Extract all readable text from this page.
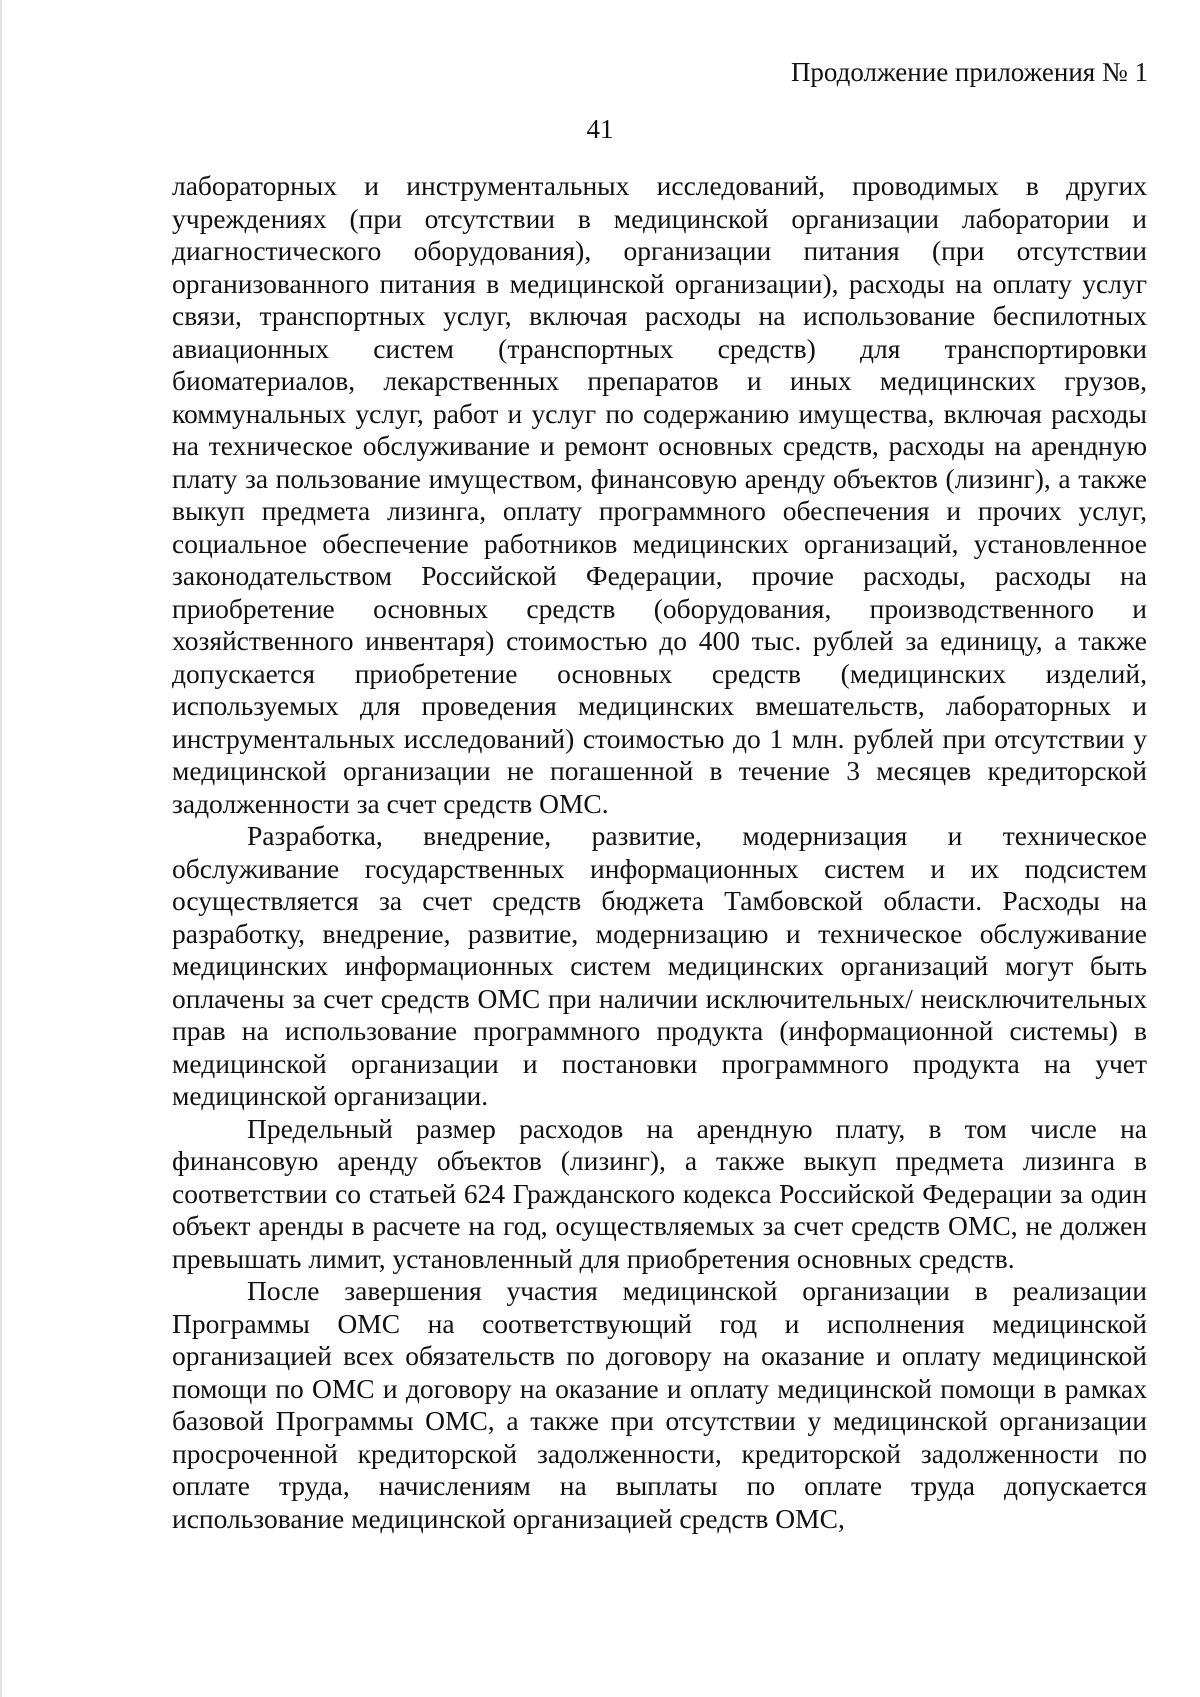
Продолжение приложения № 1
41

лабораторных и инструментальных исследований, проводимых в других учреждениях (при отсутствии в медицинской организации лаборатории и диагностического оборудования), организации питания (при отсутствии организованного питания в медицинской организации), расходы на оплату услуг связи, транспортных услуг, включая расходы на использование беспилотных авиационных систем (транспортных средств) для транспортировки биоматериалов, лекарственных препаратов и иных медицинских грузов, коммунальных услуг, работ и услуг по содержанию имущества, включая расходы на техническое обслуживание и ремонт основных средств, расходы на арендную плату за пользование имуществом, финансовую аренду объектов (лизинг), а также выкуп предмета лизинга, оплату программного обеспечения и прочих услуг, социальное обеспечение работников медицинских организаций, установленное законодательством Российской Федерации, прочие расходы, расходы на приобретение основных средств (оборудования, производственного и хозяйственного инвентаря) стоимостью до 400 тыс. рублей за единицу, а также допускается приобретение основных средств (медицинских изделий, используемых для проведения медицинских вмешательств, лабораторных и инструментальных исследований) стоимостью до 1 млн. рублей при отсутствии у медицинской организации не погашенной в течение 3 месяцев кредиторской задолженности за счет средств ОМС.

Разработка, внедрение, развитие, модернизация и техническое обслуживание государственных информационных систем и их подсистем осуществляется за счет средств бюджета Тамбовской области. Расходы на разработку, внедрение, развитие, модернизацию и техническое обслуживание медицинских информационных систем медицинских организаций могут быть оплачены за счет средств ОМС при наличии исключительных/ неисключительных прав на использование программного продукта (информационной системы) в медицинской организации и постановки программного продукта на учет медицинской организации.

Предельный размер расходов на арендную плату, в том числе на финансовую аренду объектов (лизинг), а также выкуп предмета лизинга в соответствии со статьей 624 Гражданского кодекса Российской Федерации за один объект аренды в расчете на год, осуществляемых за счет средств ОМС, не должен превышать лимит, установленный для приобретения основных средств.

После завершения участия медицинской организации в реализации Программы ОМС на соответствующий год и исполнения медицинской организацией всех обязательств по договору на оказание и оплату медицинской помощи по ОМС и договору на оказание и оплату медицинской помощи в рамках базовой Программы ОМС, а также при отсутствии у медицинской организации просроченной кредиторской задолженности, кредиторской задолженности по оплате труда, начислениям на выплаты по оплате труда допускается использование медицинской организацией средств ОМС,
